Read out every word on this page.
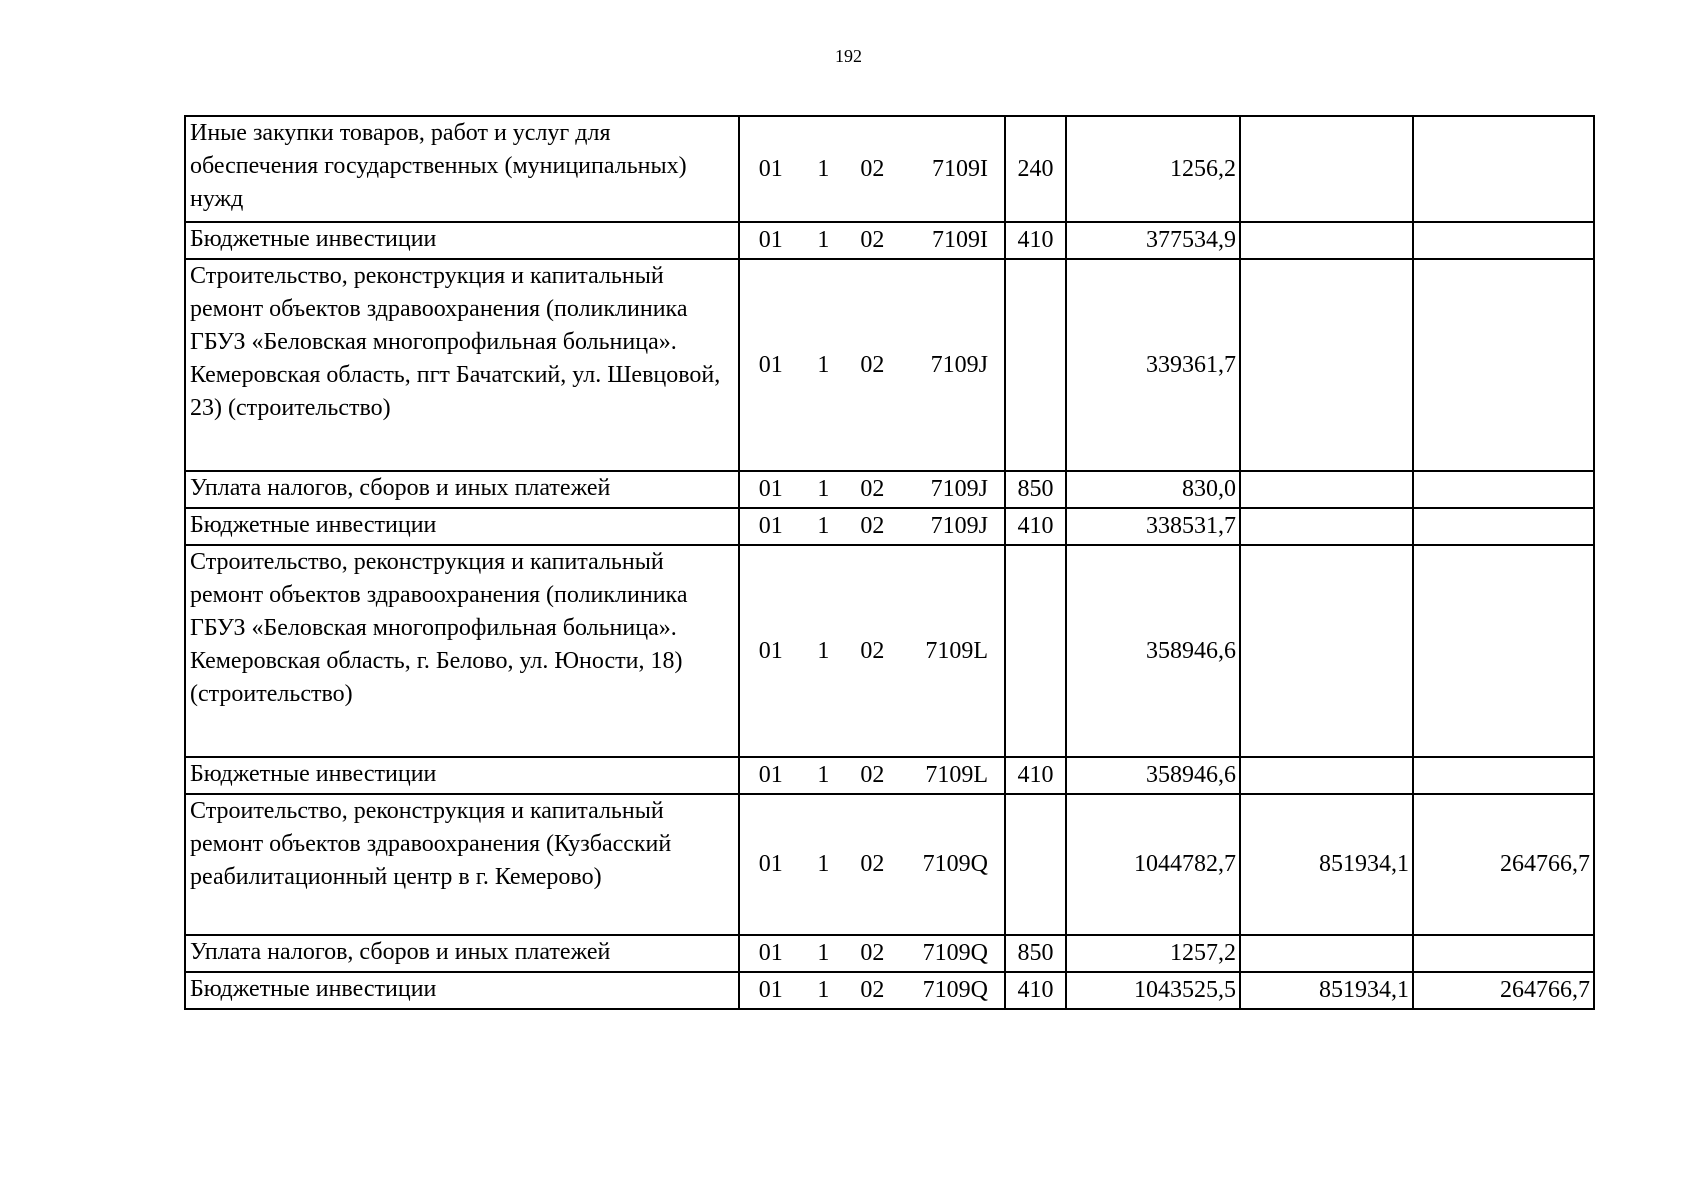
192
Иные закупки товаров, работ и услуг для обеспечения государственных (муниципальных) нужд	01 1 02 7109I	240	1256,2		
Бюджетные инвестиции	01 1 02 7109I	410	377534,9		
Строительство, реконструкция и капитальный ремонт объектов здравоохранения (поликлиника ГБУЗ «Беловская многопрофильная больница». Кемеровская область, пгт Бачатский, ул. Шевцовой, 23) (строительство)	01 1 02 7109J		339361,7		
Уплата налогов, сборов и иных платежей	01 1 02 7109J	850	830,0		
Бюджетные инвестиции	01 1 02 7109J	410	338531,7		
Строительство, реконструкция и капитальный ремонт объектов здравоохранения (поликлиника ГБУЗ «Беловская многопрофильная больница». Кемеровская область, г. Белово, ул. Юности, 18) (строительство)	01 1 02 7109L		358946,6		
Бюджетные инвестиции	01 1 02 7109L	410	358946,6		
Строительство, реконструкция и капитальный ремонт объектов здравоохранения (Кузбасский реабилитационный центр в г. Кемерово)	01 1 02 7109Q		1044782,7	851934,1	264766,7
Уплата налогов, сборов и иных платежей	01 1 02 7109Q	850	1257,2		
Бюджетные инвестиции	01 1 02 7109Q	410	1043525,5	851934,1	264766,7
